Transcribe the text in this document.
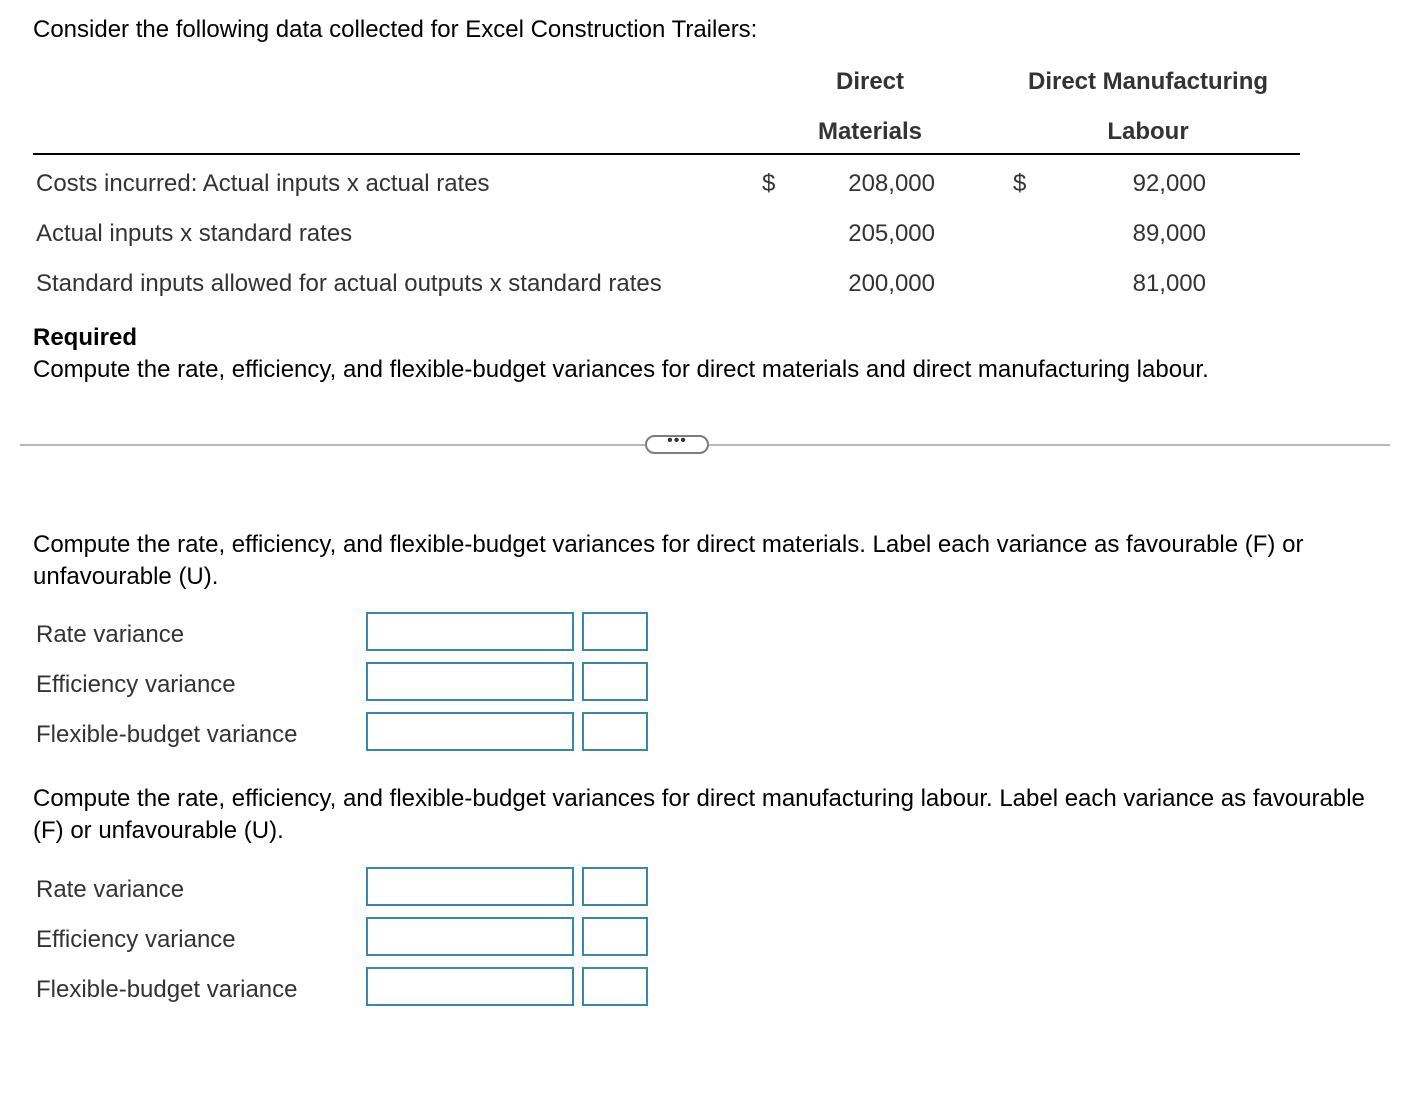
Consider the following data collected for Excel Construction Trailers:
Direct
Materials
Direct Manufacturing
Labour
Costs incurred: Actual inputs x actual rates	$	208,000	$	92,000
Actual inputs x standard rates	205,000	89,000
Standard inputs allowed for actual outputs x standard rates	200,000	81,000
Required
Compute the rate, efficiency, and flexible-budget variances for direct materials and direct manufacturing labour.
•••
Compute the rate, efficiency, and flexible-budget variances for direct materials. Label each variance as favourable (F) or unfavourable (U).
Rate variance
Efficiency variance
Flexible-budget variance
Compute the rate, efficiency, and flexible-budget variances for direct manufacturing labour. Label each variance as favourable (F) or unfavourable (U).
Rate variance
Efficiency variance
Flexible-budget variance
